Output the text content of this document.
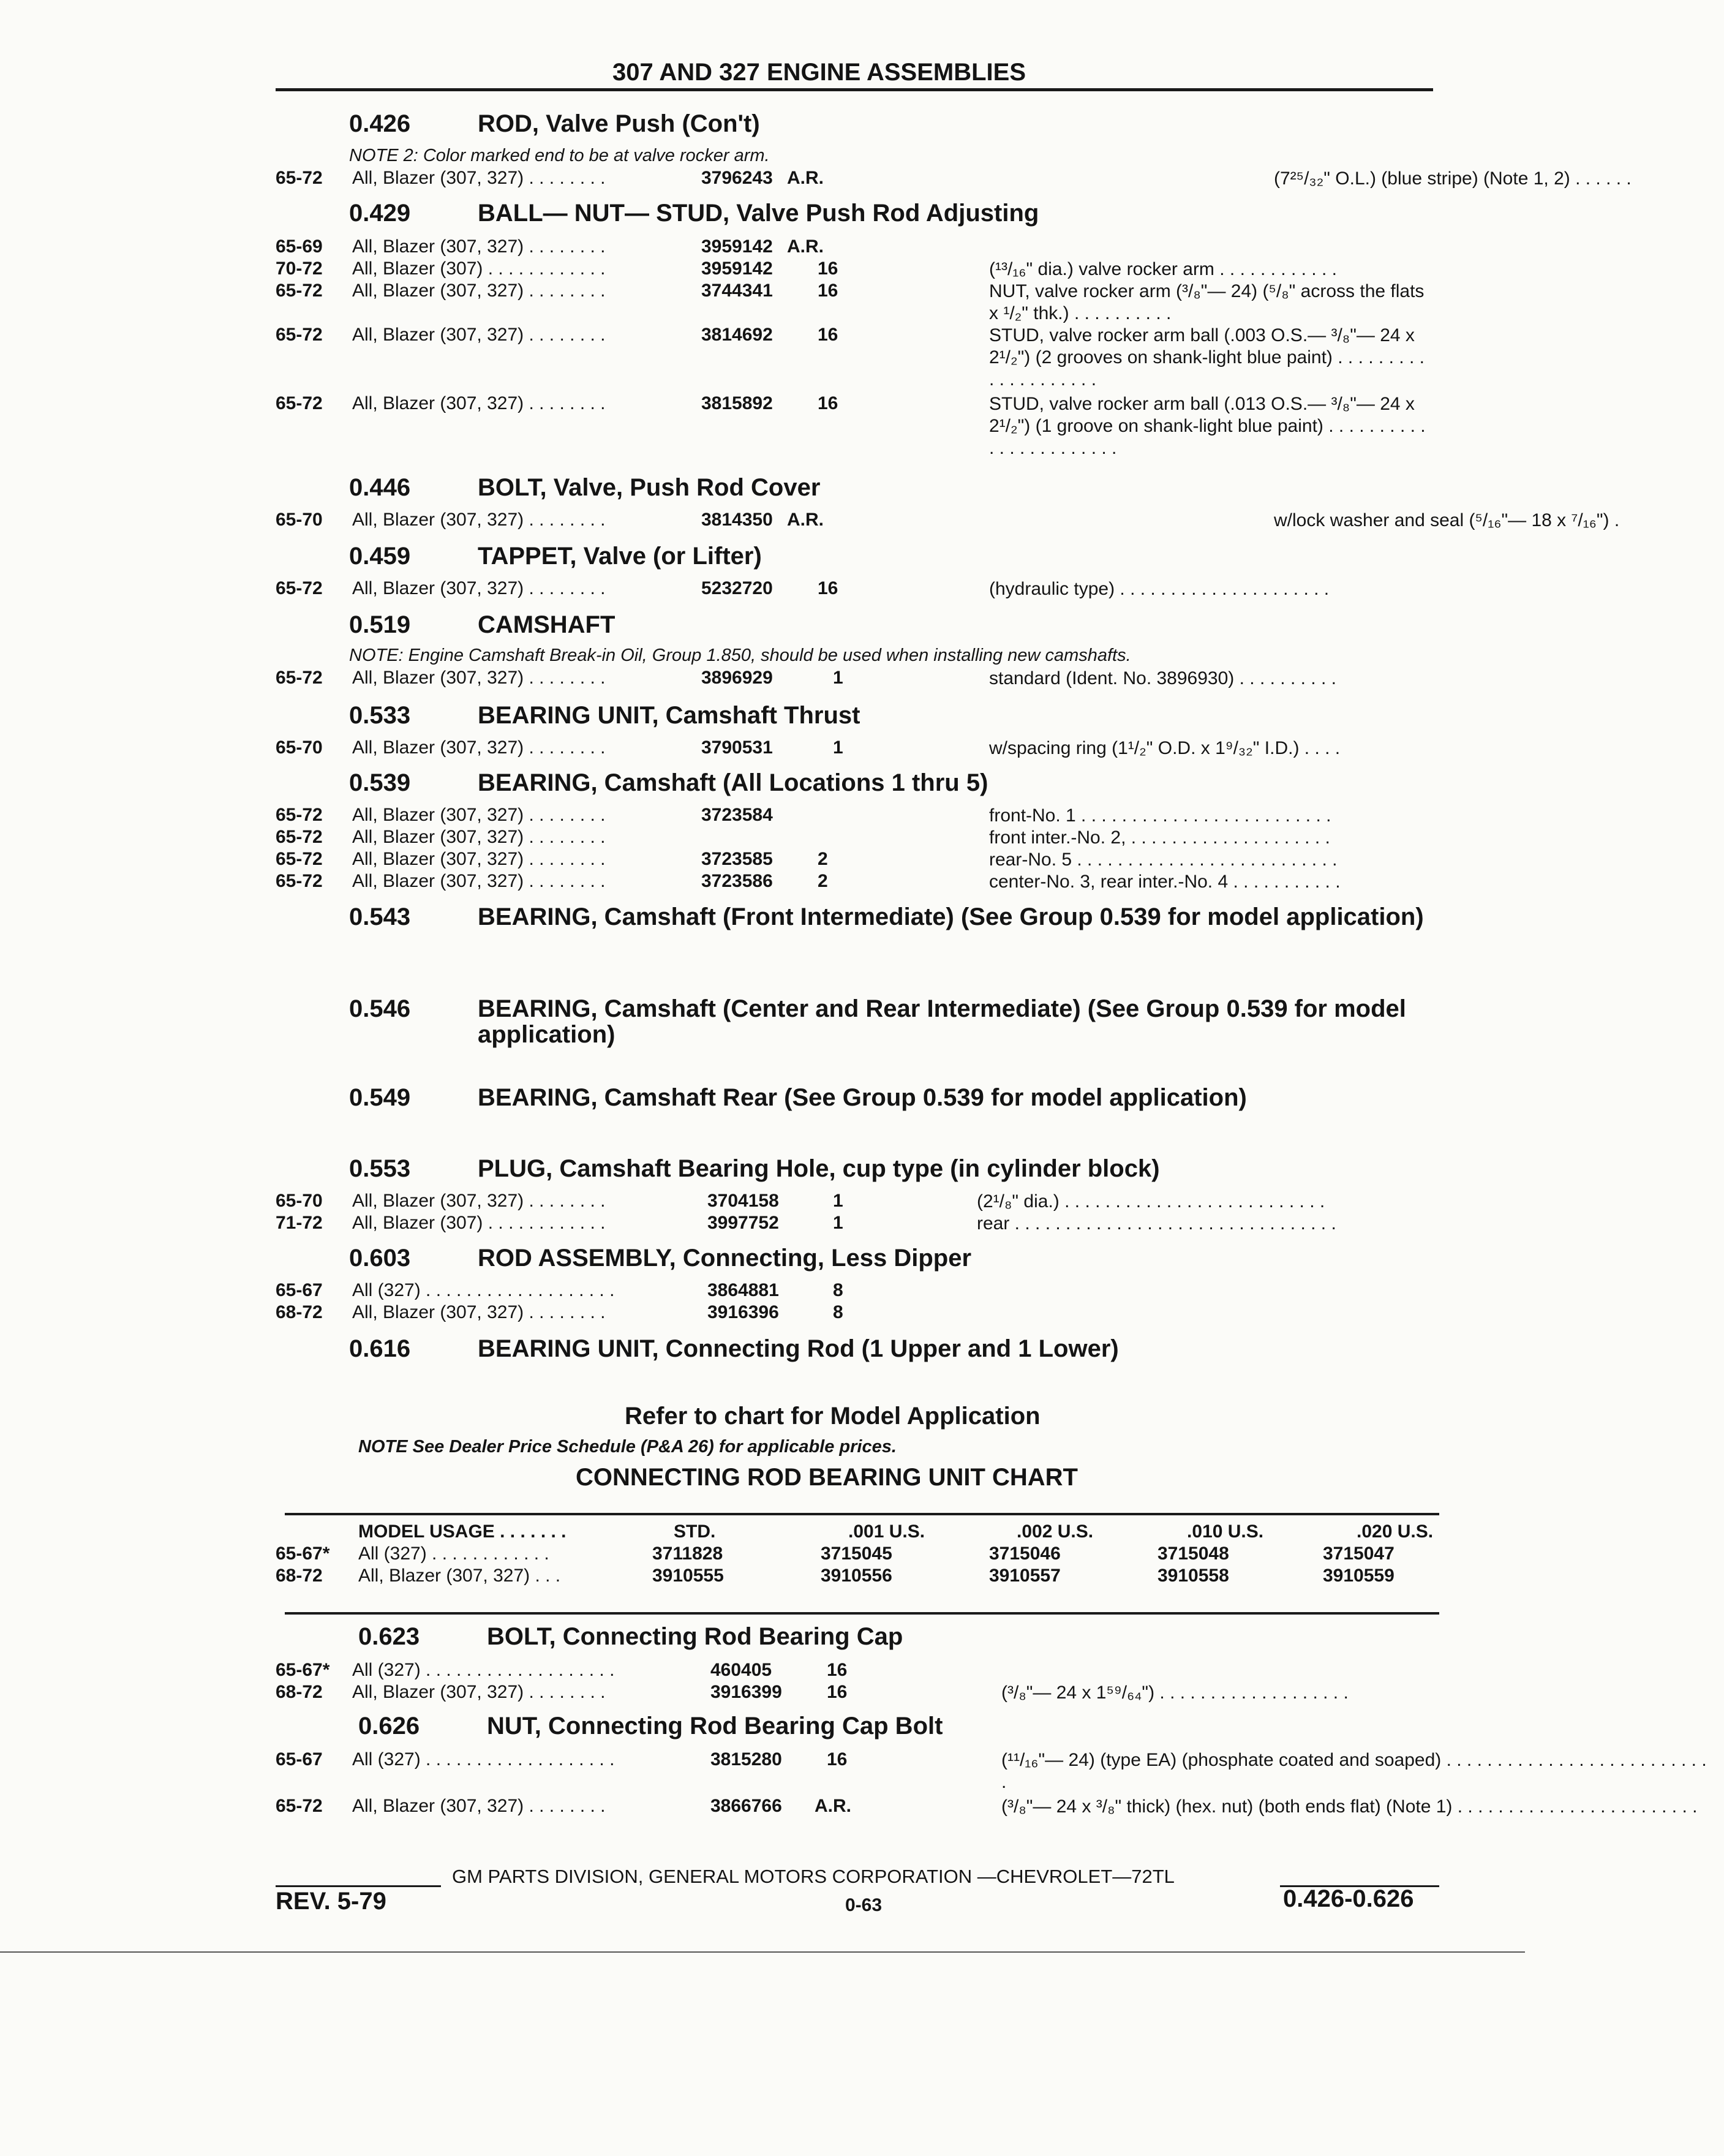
307 AND 327 ENGINE ASSEMBLIES
0.426	ROD, Valve Push (Con't)
NOTE 2: Color marked end to be at valve rocker arm.
65-72 All, Blazer (307, 327) . . . . . . . .	3796243 A.R.	(7²⁵/₃₂" O.L.) (blue stripe) (Note 1, 2) . . . . . .
0.429	BALL— NUT— STUD, Valve Push Rod Adjusting
65-69 All, Blazer (307, 327) . . . . . . . .	3959142 A.R.
70-72 All, Blazer (307) . . . . . . . . . . . .	3959142 16	(¹³/₁₆" dia.) valve rocker arm . . . . . . . . . . . .
65-72 All, Blazer (307, 327) . . . . . . . .	3744341 16	NUT, valve rocker arm (³/₈"— 24) (⁵/₈" across the flats x ¹/₂" thk.) . . . . . . . . . .
65-72 All, Blazer (307, 327) . . . . . . . .	3814692 16	STUD, valve rocker arm ball (.003 O.S.— ³/₈"— 24 x 2¹/₂") (2 grooves on shank-light blue paint) . . . . . . . . . . . . . . . . . . . .
65-72 All, Blazer (307, 327) . . . . . . . .	3815892 16	STUD, valve rocker arm ball (.013 O.S.— ³/₈"— 24 x 2¹/₂") (1 groove on shank-light blue paint) . . . . . . . . . . . . . . . . . . . . . . .
0.446	BOLT, Valve, Push Rod Cover
65-70 All, Blazer (307, 327) . . . . . . . .	3814350 A.R.	w/lock washer and seal (⁵/₁₆"— 18 x ⁷/₁₆") .
0.459	TAPPET, Valve (or Lifter)
65-72 All, Blazer (307, 327) . . . . . . . .	5232720 16	(hydraulic type) . . . . . . . . . . . . . . . . . . . . .
0.519	CAMSHAFT
NOTE: Engine Camshaft Break-in Oil, Group 1.850, should be used when installing new camshafts.
65-72 All, Blazer (307, 327) . . . . . . . .	3896929	1	standard (Ident. No. 3896930) . . . . . . . . . .
0.533	BEARING UNIT, Camshaft Thrust
65-70 All, Blazer (307, 327) . . . . . . . .	3790531	1	w/spacing ring (1¹/₂" O.D. x 1⁹/₃₂" I.D.) . . . .
0.539	BEARING, Camshaft (All Locations 1 thru 5)
65-72 All, Blazer (307, 327) . . . . . . . .	3723584	front-No. 1 . . . . . . . . . . . . . . . . . . . . . . . . .
65-72 All, Blazer (307, 327) . . . . . . . .	front inter.-No. 2, . . . . . . . . . . . . . . . . . . . .
65-72 All, Blazer (307, 327) . . . . . . . .	3723585 2	rear-No. 5 . . . . . . . . . . . . . . . . . . . . . . . . . .
65-72 All, Blazer (307, 327) . . . . . . . .	3723586 2	center-No. 3, rear inter.-No. 4 . . . . . . . . . . .
0.543	BEARING, Camshaft (Front Intermediate) (See Group 0.539 for model application)
0.546	BEARING, Camshaft (Center and Rear Intermediate) (See Group 0.539 for model application)
0.549	BEARING, Camshaft Rear (See Group 0.539 for model application)
0.553	PLUG, Camshaft Bearing Hole, cup type (in cylinder block)
65-70 All, Blazer (307, 327) . . . . . . . .	3704158	1	(2¹/₈" dia.) . . . . . . . . . . . . . . . . . . . . . . . . . .
71-72 All, Blazer (307) . . . . . . . . . . . .	3997752	1	rear . . . . . . . . . . . . . . . . . . . . . . . . . . . . . . . .
0.603	ROD ASSEMBLY, Connecting, Less Dipper
65-67 All (327) . . . . . . . . . . . . . . . . . . .	3864881	8
68-72 All, Blazer (307, 327) . . . . . . . .	3916396	8
0.616	BEARING UNIT, Connecting Rod (1 Upper and 1 Lower)
Refer to chart for Model Application
NOTE See Dealer Price Schedule (P&A 26) for applicable prices.
CONNECTING ROD BEARING UNIT CHART
MODEL USAGE . . . . . . .	STD.	.001 U.S.	.002 U.S.	.010 U.S.	.020 U.S.
65-67* All (327) . . . . . . . . . . . .	3711828	3715045	3715046	3715048	3715047
68-72 All, Blazer (307, 327) . . .	3910555	3910556	3910557	3910558	3910559
0.623	BOLT, Connecting Rod Bearing Cap
65-67* All (327) . . . . . . . . . . . . . . . . . . .	460405	16
68-72 All, Blazer (307, 327) . . . . . . . .	3916399 16	(³/₈"— 24 x 1⁵⁹/₆₄") . . . . . . . . . . . . . . . . . . .
0.626	NUT, Connecting Rod Bearing Cap Bolt
65-67 All (327) . . . . . . . . . . . . . . . . . . .	3815280 16	(¹¹/₁₆"— 24) (type EA) (phosphate coated and soaped) . . . . . . . . . . . . . . . . . . . . . . . . . . .
65-72 All, Blazer (307, 327) . . . . . . . .	3866766 A.R.	(³/₈"— 24 x ³/₈" thick) (hex. nut) (both ends flat) (Note 1) . . . . . . . . . . . . . . . . . . . . . . . .
GM PARTS DIVISION, GENERAL MOTORS CORPORATION —CHEVROLET—72TL
REV. 5-79	0-63	0.426-0.626
